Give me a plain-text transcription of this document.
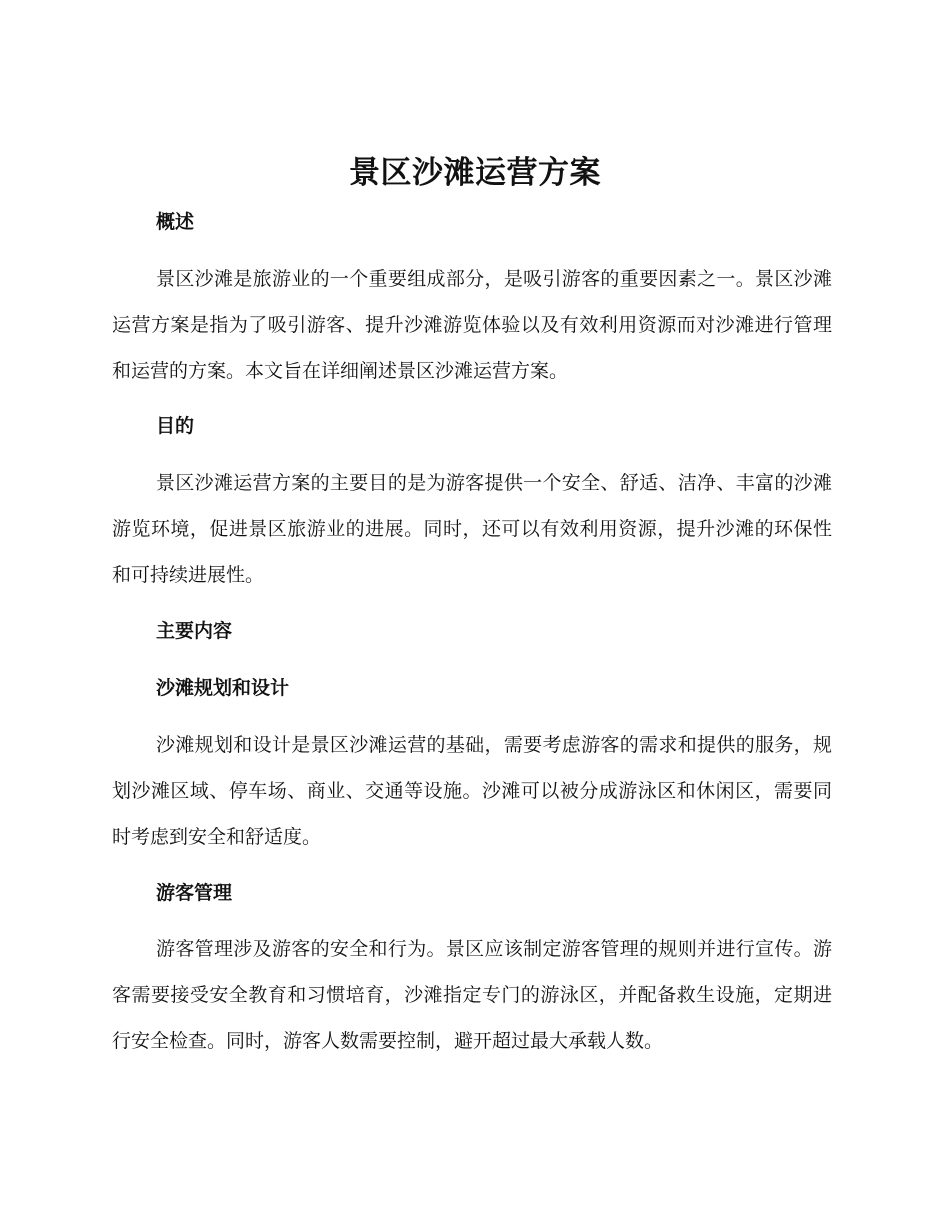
景区沙滩运营方案
概述
景区沙滩是旅游业的一个重要组成部分，是吸引游客的重要因素之一。景区沙滩运营方案是指为了吸引游客、提升沙滩游览体验以及有效利用资源而对沙滩进行管理和运营的方案。本文旨在详细阐述景区沙滩运营方案。
目的
景区沙滩运营方案的主要目的是为游客提供一个安全、舒适、洁净、丰富的沙滩游览环境，促进景区旅游业的进展。同时，还可以有效利用资源，提升沙滩的环保性和可持续进展性。
主要内容
沙滩规划和设计
沙滩规划和设计是景区沙滩运营的基础，需要考虑游客的需求和提供的服务，规划沙滩区域、停车场、商业、交通等设施。沙滩可以被分成游泳区和休闲区，需要同时考虑到安全和舒适度。
游客管理
游客管理涉及游客的安全和行为。景区应该制定游客管理的规则并进行宣传。游客需要接受安全教育和习惯培育，沙滩指定专门的游泳区，并配备救生设施，定期进行安全检查。同时，游客人数需要控制，避开超过最大承载人数。
